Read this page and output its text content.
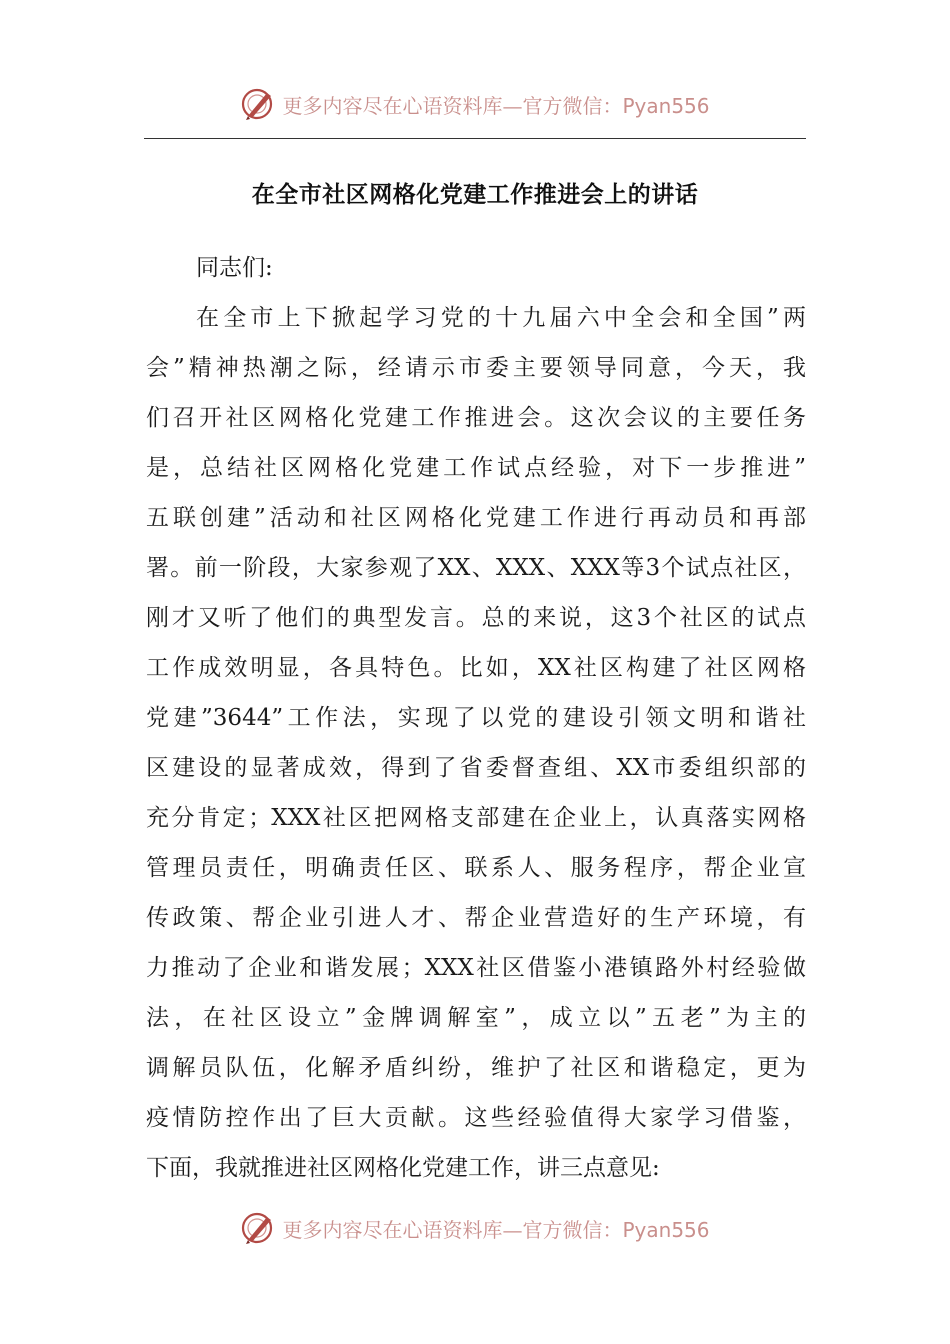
更多内容尽在心语资料库—官方微信：Pyan556
在全市社区网格化党建工作推进会上的讲话
同志们:
在全市上下掀起学习党的十九届六中全会和全国”两
会”精神热潮之际，经请示市委主要领导同意，今天，我
们召开社区网格化党建工作推进会。这次会议的主要任务
是，总结社区网格化党建工作试点经验，对下一步推进”
五联创建”活动和社区网格化党建工作进行再动员和再部
署。前一阶段，大家参观了XX、XXX、XXX等3个试点社区，
刚才又听了他们的典型发言。总的来说，这3个社区的试点
工作成效明显，各具特色。比如，XX社区构建了社区网格
党建”3644”工作法，实现了以党的建设引领文明和谐社
区建设的显著成效，得到了省委督查组、XX市委组织部的
充分肯定；XXX社区把网格支部建在企业上，认真落实网格
管理员责任，明确责任区、联系人、服务程序，帮企业宣
传政策、帮企业引进人才、帮企业营造好的生产环境，有
力推动了企业和谐发展；XXX社区借鉴小港镇路外村经验做
法，在社区设立”金牌调解室”，成立以”五老”为主的
调解员队伍，化解矛盾纠纷，维护了社区和谐稳定，更为
疫情防控作出了巨大贡献。这些经验值得大家学习借鉴，
下面，我就推进社区网格化党建工作，讲三点意见:
更多内容尽在心语资料库—官方微信：Pyan556
